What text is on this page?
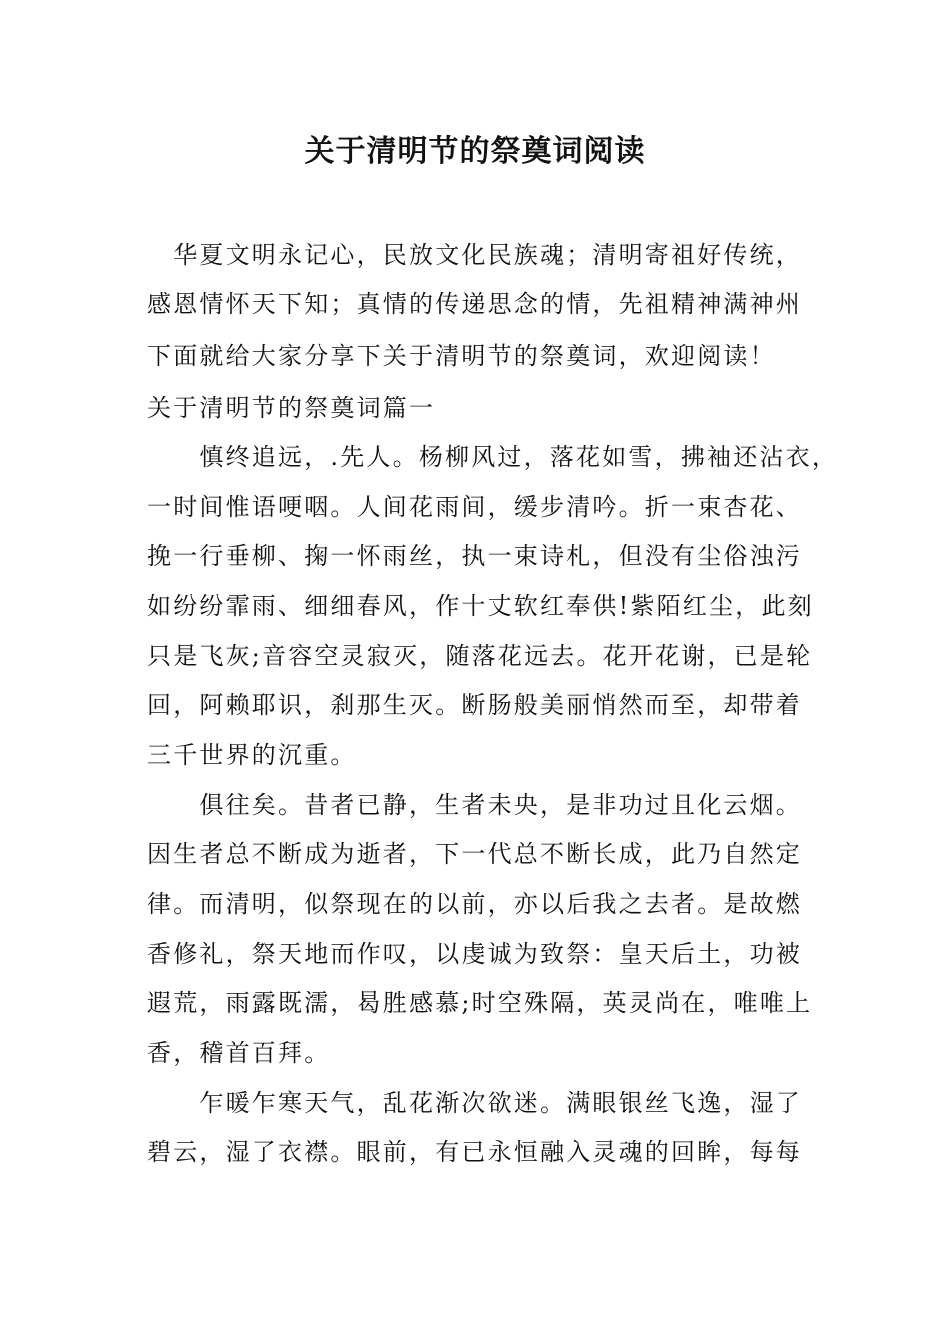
关于清明节的祭奠词阅读
　华夏文明永记心，民放文化民族魂；清明寄祖好传统，
感恩情怀天下知；真情的传递思念的情，先祖精神满神州
下面就给大家分享下关于清明节的祭奠词，欢迎阅读！
关于清明节的祭奠词篇一
　　慎终追远，.先人。杨柳风过，落花如雪，拂袖还沾衣，
一时间惟语哽咽。人间花雨间，缓步清吟。折一束杏花、
挽一行垂柳、掬一怀雨丝，执一束诗札，但没有尘俗浊污
如纷纷霏雨、细细春风，作十丈软红奉供!紫陌红尘，此刻
只是飞灰;音容空灵寂灭，随落花远去。花开花谢，已是轮
回，阿赖耶识，刹那生灭。断肠般美丽悄然而至，却带着
三千世界的沉重。
　　俱往矣。昔者已静，生者未央，是非功过且化云烟。
因生者总不断成为逝者，下一代总不断长成，此乃自然定
律。而清明，似祭现在的以前，亦以后我之去者。是故燃
香修礼，祭天地而作叹，以虔诚为致祭：皇天后土，功被
遐荒，雨露既濡，曷胜感慕;时空殊隔，英灵尚在，唯唯上
香，稽首百拜。
　　乍暖乍寒天气，乱花渐次欲迷。满眼银丝飞逸，湿了
碧云，湿了衣襟。眼前，有已永恒融入灵魂的回眸，每每
